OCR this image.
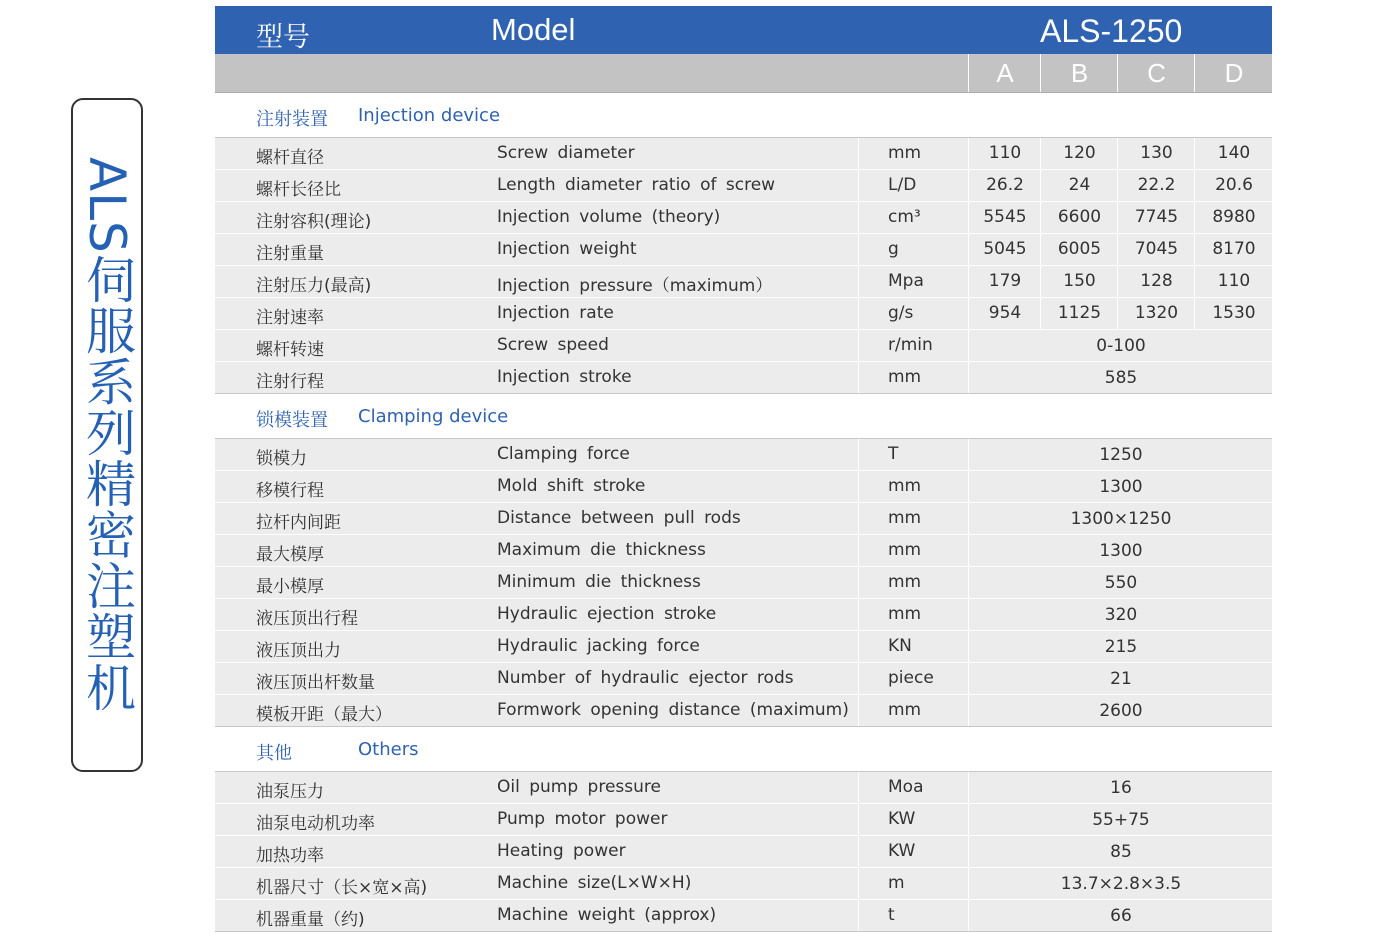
ALS伺服系列精密注塑机
型号	Model	ALS-1250
A	B	C	D
注射装置 Injection device
螺杆直径	Screw diameter	mm	110	120	130	140
螺杆长径比	Length diameter ratio of screw	L/D	26.2	24	22.2	20.6
注射容积(理论)	Injection volume (theory)	cm³	5545	6600	7745	8980
注射重量	Injection weight	g	5045	6005	7045	8170
注射压力(最高)	Injection pressure（maximum）	Mpa	179	150	128	110
注射速率	Injection rate	g/s	954	1125	1320	1530
螺杆转速	Screw speed	r/min	0-100
注射行程	Injection stroke	mm	585
锁模装置 Clamping device
锁模力	Clamping force	T	1250
移模行程	Mold shift stroke	mm	1300
拉杆内间距	Distance between pull rods	mm	1300×1250
最大模厚	Maximum die thickness	mm	1300
最小模厚	Minimum die thickness	mm	550
液压顶出行程	Hydraulic ejection stroke	mm	320
液压顶出力	Hydraulic jacking force	KN	215
液压顶出杆数量	Number of hydraulic ejector rods	piece	21
模板开距（最大）	Formwork opening distance (maximum)	mm	2600
其他	Others
油泵压力	Oil pump pressure	Moa	16
油泵电动机功率	Pump motor power	KW	55+75
加热功率	Heating power	KW	85
机器尺寸（长×宽×高)	Machine size(L×W×H)	m	13.7×2.8×3.5
机器重量（约)	Machine weight (approx)	t	66
